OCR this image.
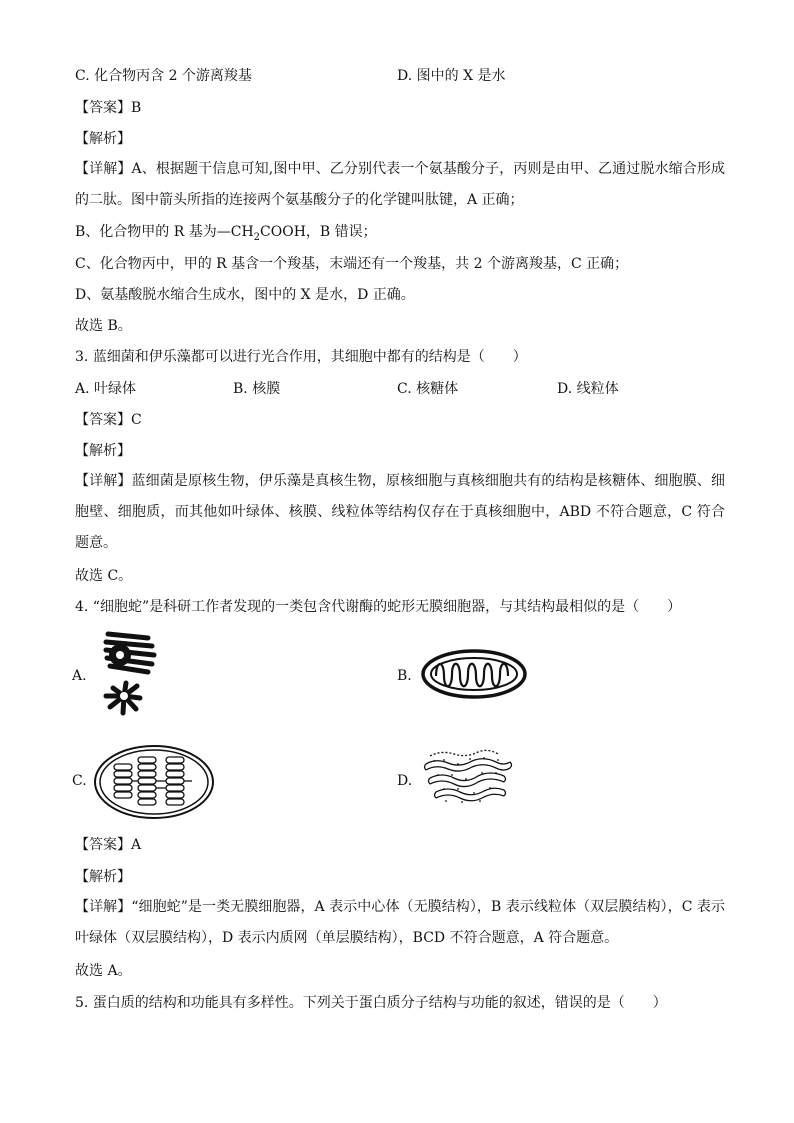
C. 化合物丙含 2 个游离羧基	D. 图中的 X 是水
【答案】B
【解析】
【详解】A、根据题干信息可知,图中甲、乙分别代表一个氨基酸分子，丙则是由甲、乙通过脱水缩合形成的二肽。图中箭头所指的连接两个氨基酸分子的化学键叫肽键，A 正确；
B、化合物甲的 R 基为$—CH_2COOH$，B 错误；
C、化合物丙中，甲的 R 基含一个羧基，末端还有一个羧基，共 2 个游离羧基，C 正确；
D、氨基酸脱水缩合生成水，图中的 X 是水，D 正确。
故选 B。
3. 蓝细菌和伊乐藻都可以进行光合作用，其细胞中都有的结构是（　　）
A. 叶绿体	B. 核膜	C. 核糖体	D. 线粒体
【答案】C
【解析】
【详解】蓝细菌是原核生物，伊乐藻是真核生物，原核细胞与真核细胞共有的结构是核糖体、细胞膜、细胞壁、细胞质，而其他如叶绿体、核膜、线粒体等结构仅存在于真核细胞中，ABD 不符合题意，C 符合题意。
故选 C。
4. “细胞蛇”是科研工作者发现的一类包含代谢酶的蛇形无膜细胞器，与其结构最相似的是（　　）
A.	B.
C.	D.
【答案】A
【解析】
【详解】“细胞蛇”是一类无膜细胞器，A 表示中心体（无膜结构），B 表示线粒体（双层膜结构），C 表示叶绿体（双层膜结构），D 表示内质网（单层膜结构），BCD 不符合题意，A 符合题意。
故选 A。
5. 蛋白质的结构和功能具有多样性。下列关于蛋白质分子结构与功能的叙述，错误的是（　　）
